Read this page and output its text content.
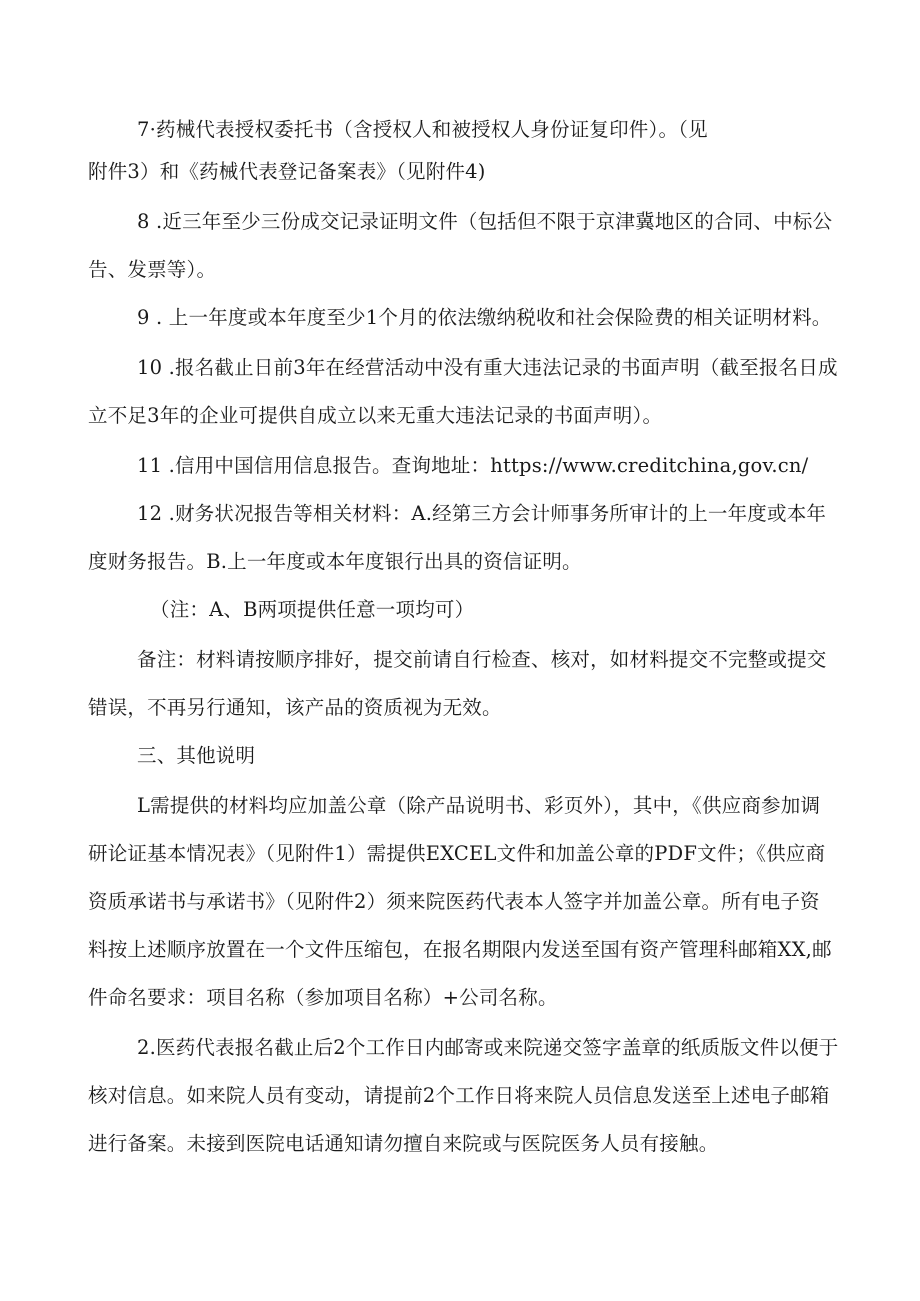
7·药械代表授权委托书（含授权人和被授权人身份证复印件）。（见
附件3）和《药械代表登记备案表》（见附件4)
8 .近三年至少三份成交记录证明文件（包括但不限于京津冀地区的合同、中标公
告、发票等）。
9 . 上一年度或本年度至少1个月的依法缴纳税收和社会保险费的相关证明材料。
10 .报名截止日前3年在经营活动中没有重大违法记录的书面声明（截至报名日成
立不足3年的企业可提供自成立以来无重大违法记录的书面声明）。
11 .信用中国信用信息报告。查询地址：https://www.creditchina,gov.cn/
12 .财务状况报告等相关材料：A.经第三方会计师事务所审计的上一年度或本年
度财务报告。B.上一年度或本年度银行出具的资信证明。
（注：A、B两项提供任意一项均可）
备注：材料请按顺序排好，提交前请自行检查、核对，如材料提交不完整或提交
错误，不再另行通知，该产品的资质视为无效。
三、其他说明
L需提供的材料均应加盖公章（除产品说明书、彩页外），其中，《供应商参加调
研论证基本情况表》（见附件1）需提供EXCEL文件和加盖公章的PDF文件；《供应商
资质承诺书与承诺书》（见附件2）须来院医药代表本人签字并加盖公章。所有电子资
料按上述顺序放置在一个文件压缩包，在报名期限内发送至国有资产管理科邮箱XX,邮
件命名要求：项目名称（参加项目名称）+公司名称。
2.医药代表报名截止后2个工作日内邮寄或来院递交签字盖章的纸质版文件以便于
核对信息。如来院人员有变动，请提前2个工作日将来院人员信息发送至上述电子邮箱
进行备案。未接到医院电话通知请勿擅自来院或与医院医务人员有接触。
